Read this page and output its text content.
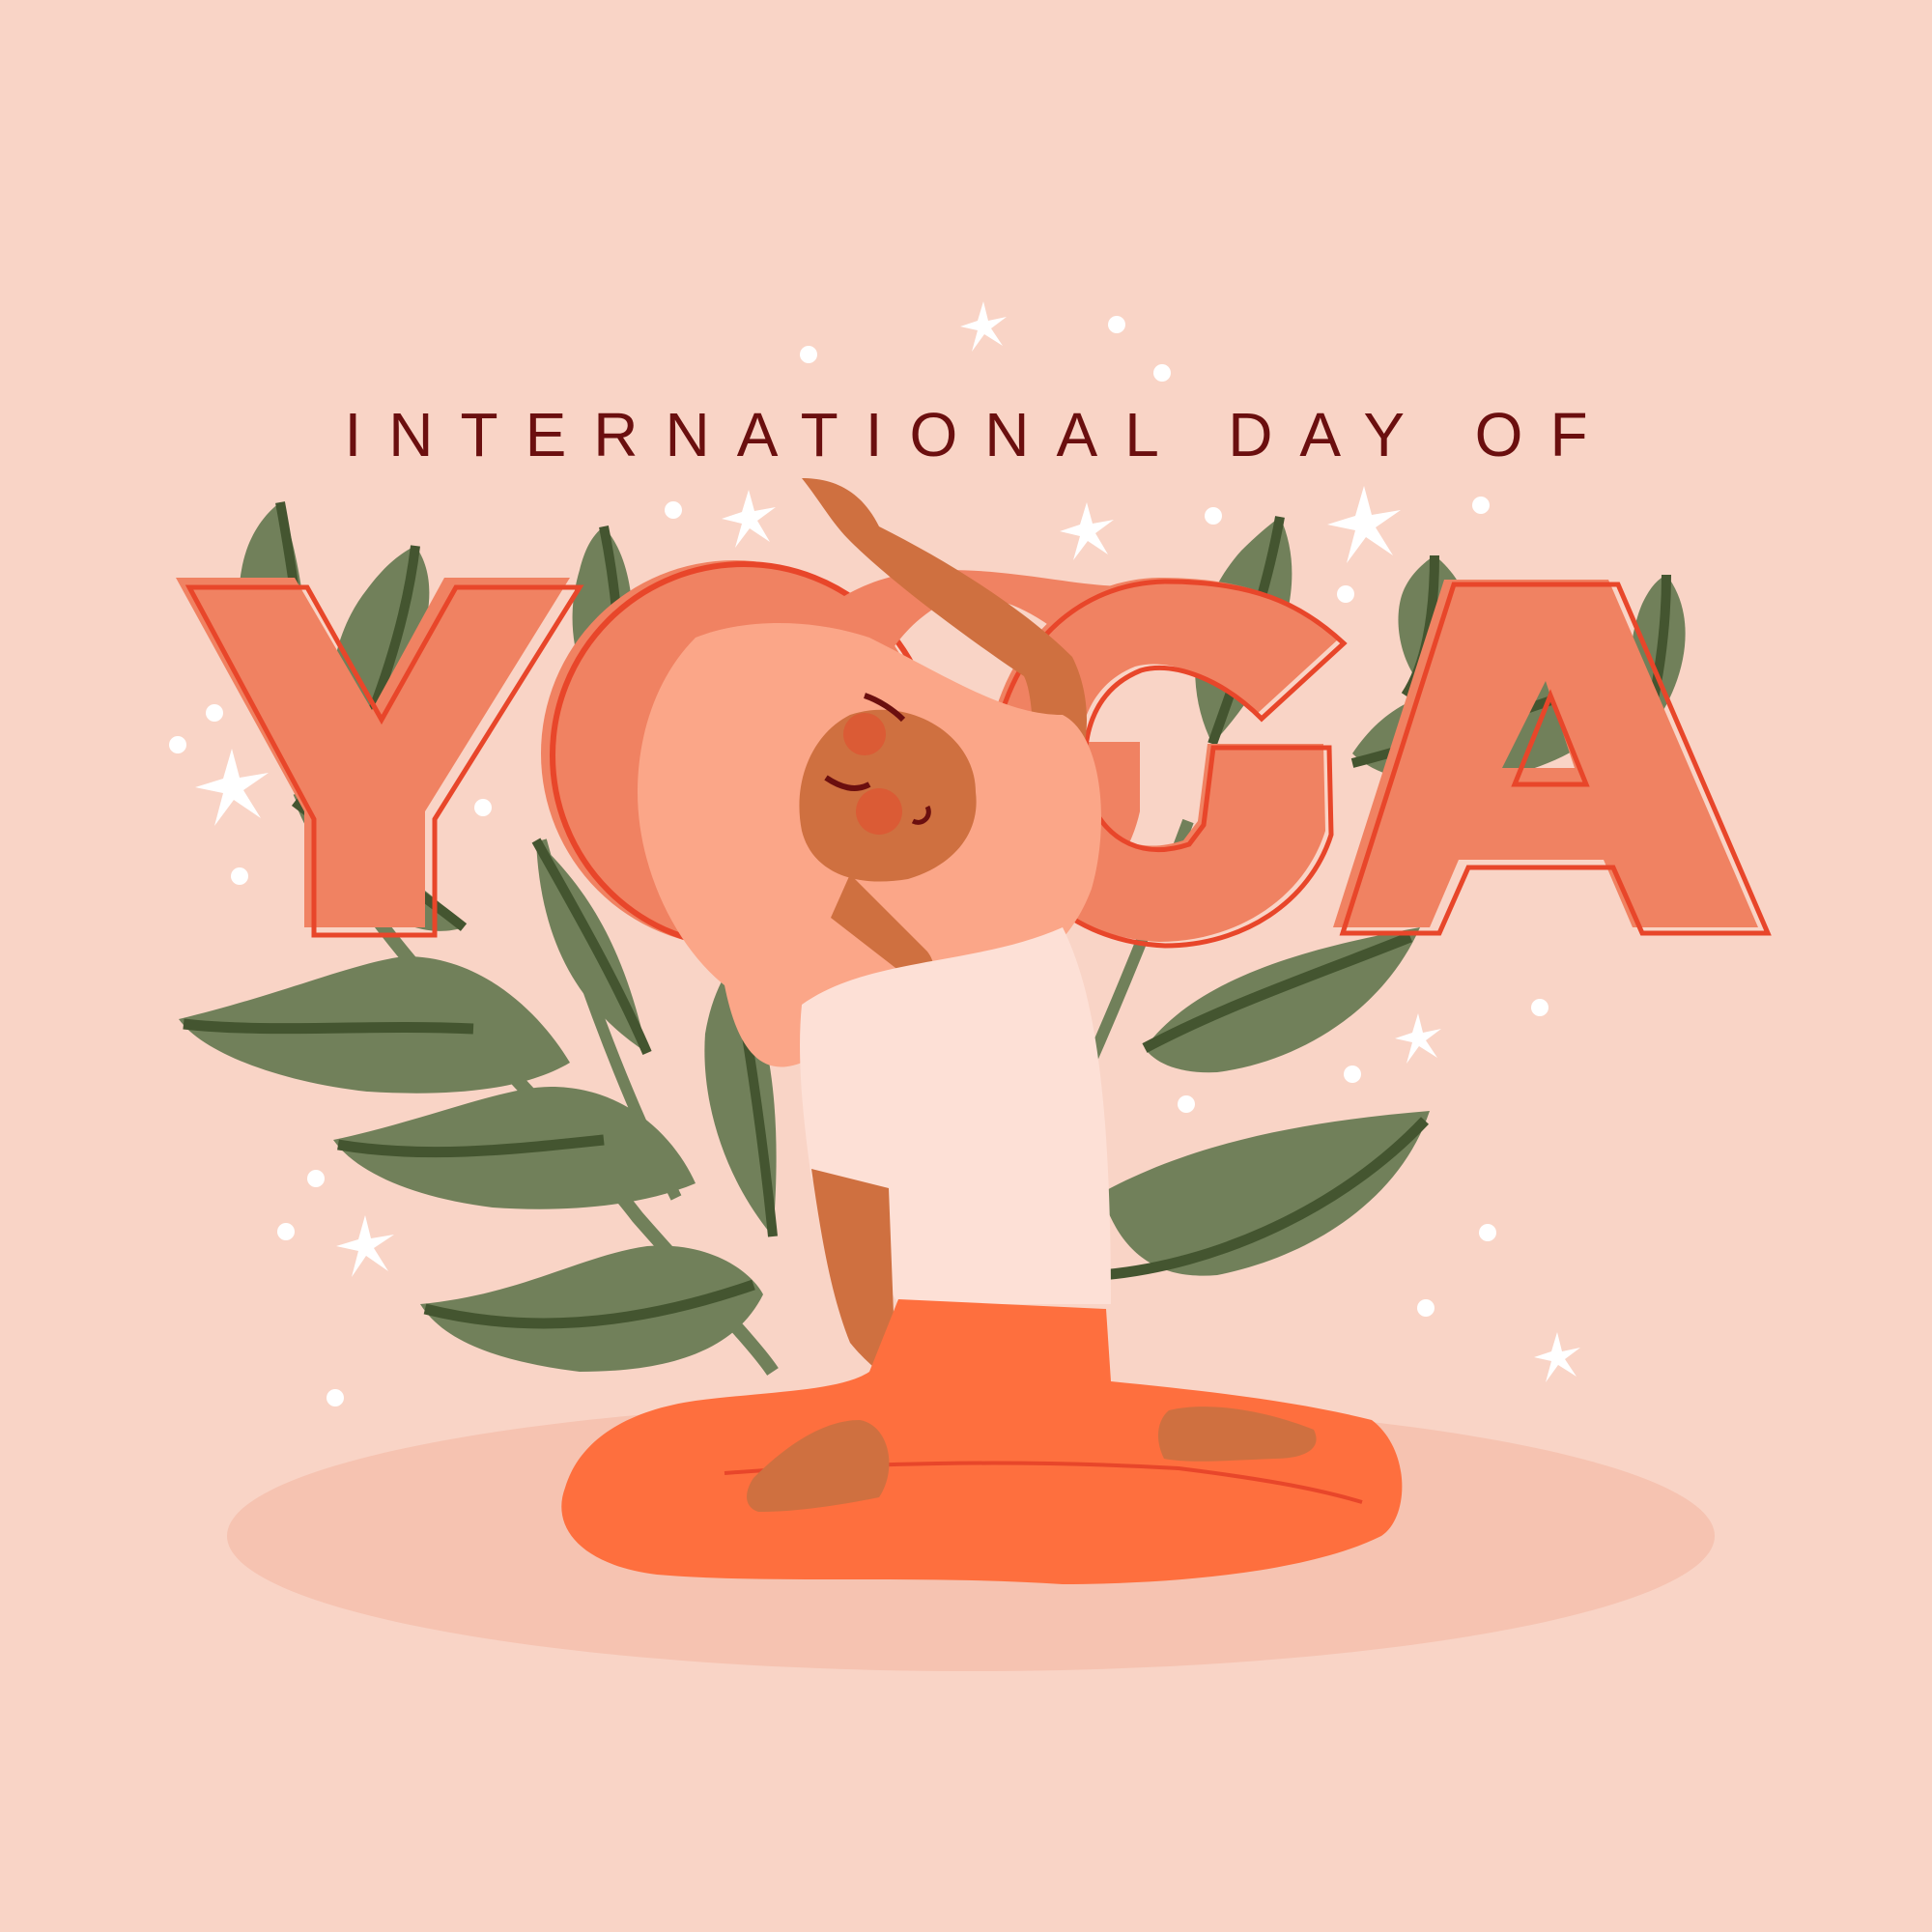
INTERNATIONAL DAY OF
